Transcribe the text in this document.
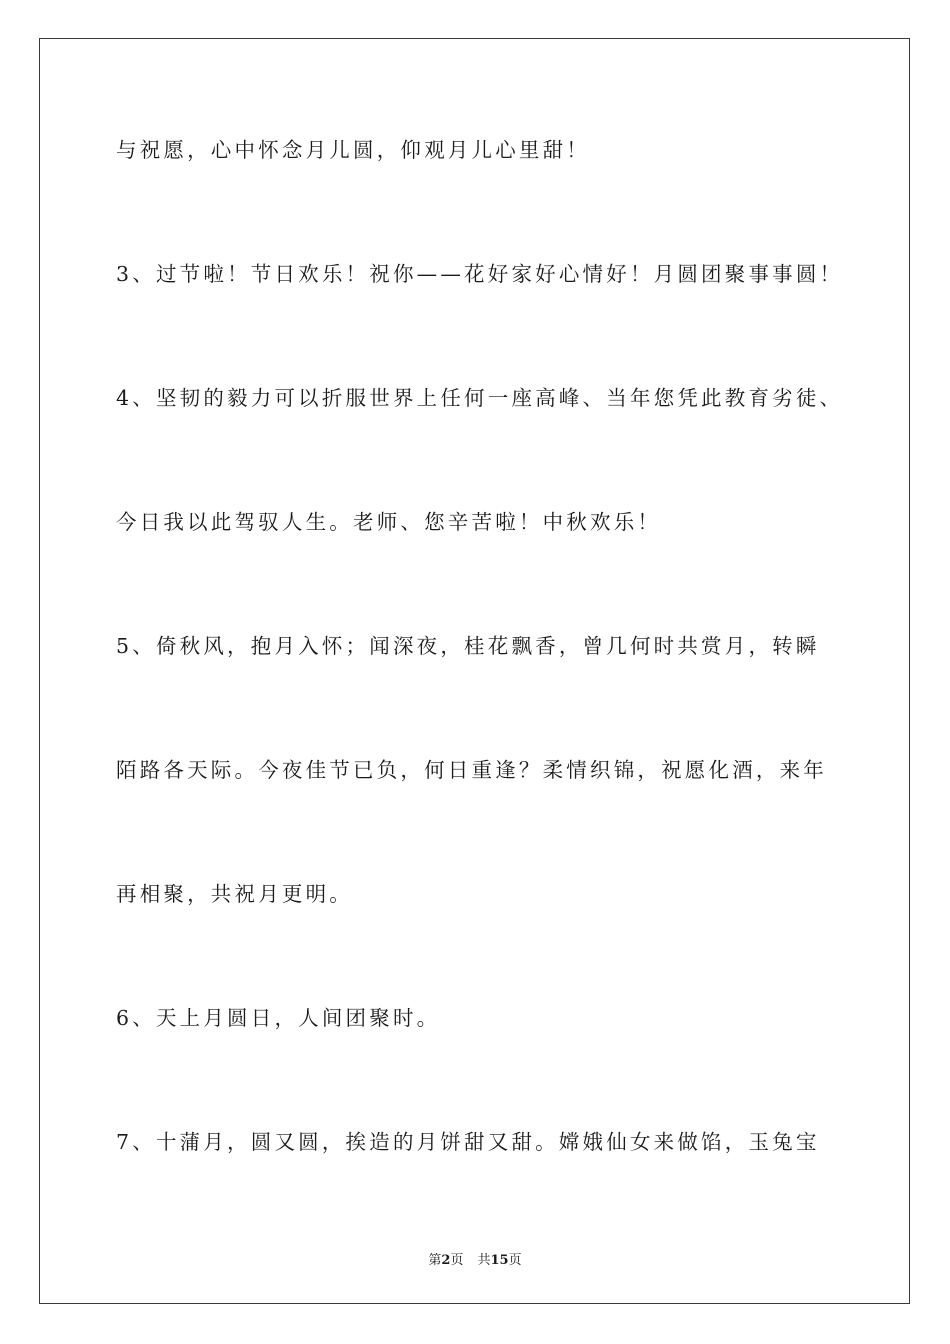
与祝愿，心中怀念月儿圆，仰观月儿心里甜！
3、过节啦！节日欢乐！祝你——花好家好心情好！月圆团聚事事圆！
4、坚韧的毅力可以折服世界上任何一座高峰、当年您凭此教育劣徒、
今日我以此驾驭人生。老师、您辛苦啦！中秋欢乐！
5、倚秋风，抱月入怀；闻深夜，桂花飘香，曾几何时共赏月，转瞬
陌路各天际。今夜佳节已负，何日重逢？柔情织锦，祝愿化酒，来年
再相聚，共祝月更明。
6、天上月圆日，人间团聚时。
7、十蒲月，圆又圆，挨造的月饼甜又甜。嫦娥仙女来做馅，玉兔宝
第2页 共15页
